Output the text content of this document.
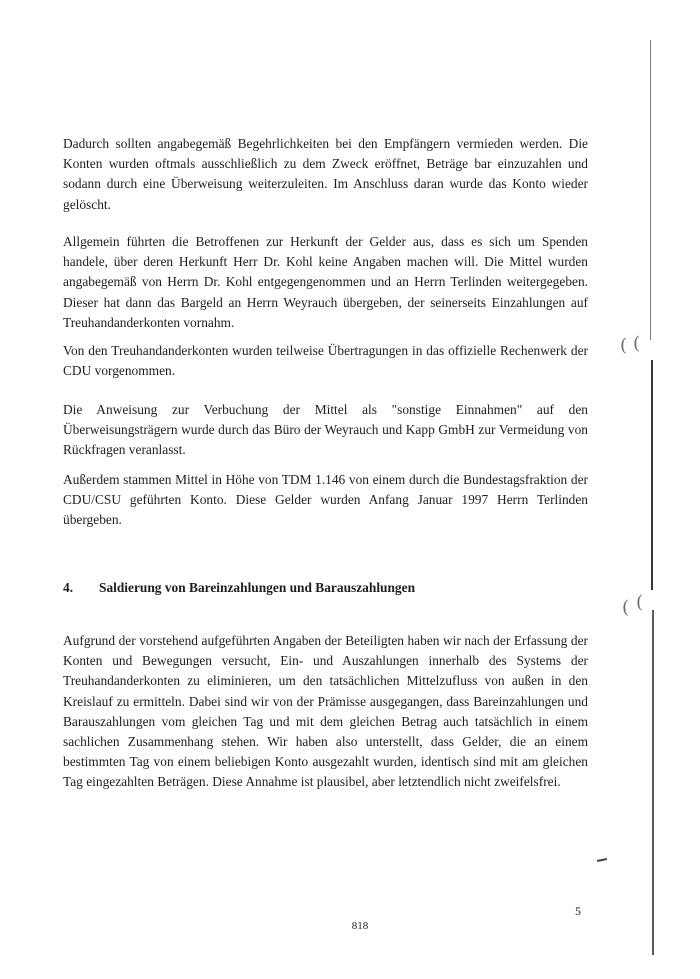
Dadurch sollten angabegemäß Begehrlichkeiten bei den Empfängern vermieden werden. Die Konten wurden oftmals ausschließlich zu dem Zweck eröffnet, Beträge bar einzuzahlen und sodann durch eine Überweisung weiterzuleiten. Im Anschluss daran wurde das Konto wieder gelöscht.

Allgemein führten die Betroffenen zur Herkunft der Gelder aus, dass es sich um Spenden handele, über deren Herkunft Herr Dr. Kohl keine Angaben machen will. Die Mittel wurden angabegemäß von Herrn Dr. Kohl entgegengenommen und an Herrn Terlinden weitergegeben. Dieser hat dann das Bargeld an Herrn Weyrauch übergeben, der seinerseits Einzahlungen auf Treuhandanderkonten vornahm.

Von den Treuhandanderkonten wurden teilweise Übertragungen in das offizielle Rechenwerk der CDU vorgenommen.

Die Anweisung zur Verbuchung der Mittel als "sonstige Einnahmen" auf den Überweisungsträgern wurde durch das Büro der Weyrauch und Kapp GmbH zur Vermeidung von Rückfragen veranlasst.

Außerdem stammen Mittel in Höhe von TDM 1.146 von einem durch die Bundestagsfraktion der CDU/CSU geführten Konto. Diese Gelder wurden Anfang Januar 1997 Herrn Terlinden übergeben.

4. Saldierung von Bareinzahlungen und Barauszahlungen

Aufgrund der vorstehend aufgeführten Angaben der Beteiligten haben wir nach der Erfassung der Konten und Bewegungen versucht, Ein- und Auszahlungen innerhalb des Systems der Treuhandanderkonten zu eliminieren, um den tatsächlichen Mittelzufluss von außen in den Kreislauf zu ermitteln. Dabei sind wir von der Prämisse ausgegangen, dass Bareinzahlungen und Barauszahlungen vom gleichen Tag und mit dem gleichen Betrag auch tatsächlich in einem sachlichen Zusammenhang stehen. Wir haben also unterstellt, dass Gelder, die an einem bestimmten Tag von einem beliebigen Konto ausgezahlt wurden, identisch sind mit am gleichen Tag eingezahlten Beträgen. Diese Annahme ist plausibel, aber letztendlich nicht zweifelsfrei.

818

5

( (
( (
